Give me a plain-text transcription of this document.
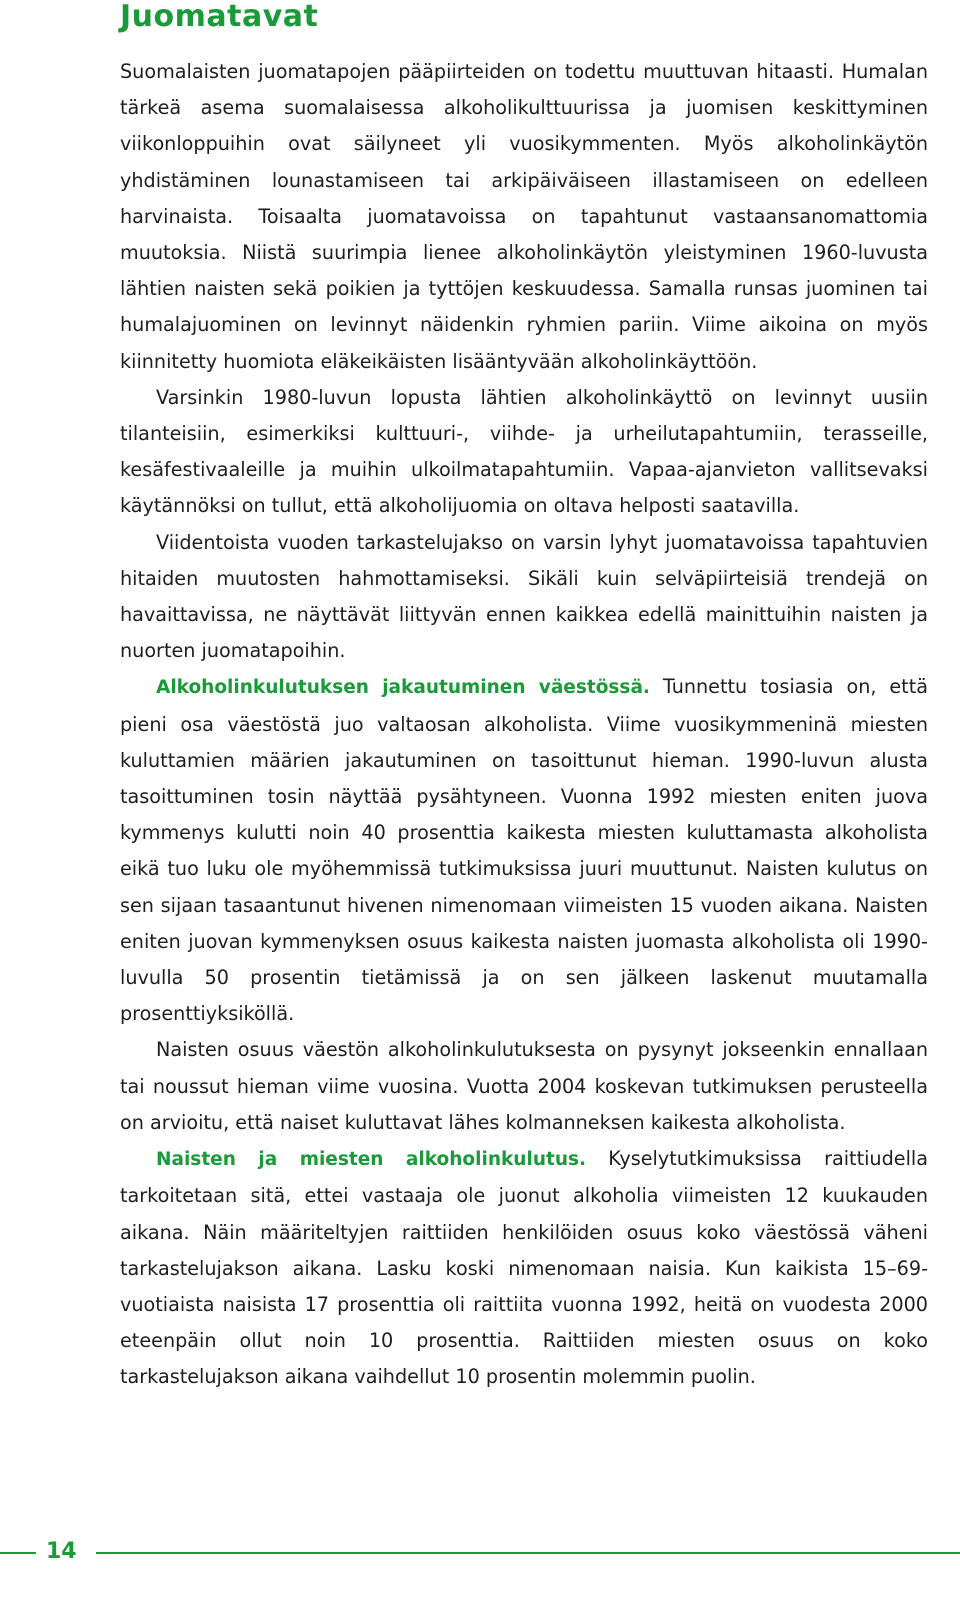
Juomatavat

Suomalaisten juomatapojen pääpiirteiden on todettu muuttuvan hitaasti. Humalan tärkeä asema suomalaisessa alkoholikulttuurissa ja juomisen keskittyminen viikonloppuihin ovat säilyneet yli vuosikymmenten. Myös alkoholinkäytön yhdistäminen lounastamiseen tai arkipäiväiseen illastamiseen on edelleen harvinaista. Toisaalta juomatavoissa on tapahtunut vastaansanomattomia muutoksia. Niistä suurimpia lienee alkoholinkäytön yleistyminen 1960-luvusta lähtien naisten sekä poikien ja tyttöjen keskuudessa. Samalla runsas juominen tai humalajuominen on levinnyt näidenkin ryhmien pariin. Viime aikoina on myös kiinnitetty huomiota eläkeikäisten lisääntyvään alkoholinkäyttöön.

Varsinkin 1980-luvun lopusta lähtien alkoholinkäyttö on levinnyt uusiin tilanteisiin, esimerkiksi kulttuuri-, viihde- ja urheilutapahtumiin, terasseille, kesäfestivaaleille ja muihin ulkoilmatapahtumiin. Vapaa-ajanvieton vallitsevaksi käytännöksi on tullut, että alkoholijuomia on oltava helposti saatavilla.

Viidentoista vuoden tarkastelujakso on varsin lyhyt juomatavoissa tapahtuvien hitaiden muutosten hahmottamiseksi. Sikäli kuin selväpiirteisiä trendejä on havaittavissa, ne näyttävät liittyvän ennen kaikkea edellä mainittuihin naisten ja nuorten juomatapoihin.

Alkoholinkulutuksen jakautuminen väestössä. Tunnettu tosiasia on, että pieni osa väestöstä juo valtaosan alkoholista. Viime vuosikymmeninä miesten kuluttamien määrien jakautuminen on tasoittunut hieman. 1990-luvun alusta tasoittuminen tosin näyttää pysähtyneen. Vuonna 1992 miesten eniten juova kymmenys kulutti noin 40 prosenttia kaikesta miesten kuluttamasta alkoholista eikä tuo luku ole myöhemmissä tutkimuksissa juuri muuttunut. Naisten kulutus on sen sijaan tasaantunut hivenen nimenomaan viimeisten 15 vuoden aikana. Naisten eniten juovan kymmenyksen osuus kaikesta naisten juomasta alkoholista oli 1990-luvulla 50 prosentin tietämissä ja on sen jälkeen laskenut muutamalla prosenttiyksiköllä.

Naisten osuus väestön alkoholinkulutuksesta on pysynyt jokseenkin ennallaan tai noussut hieman viime vuosina. Vuotta 2004 koskevan tutkimuksen perusteella on arvioitu, että naiset kuluttavat lähes kolmanneksen kaikesta alkoholista.

Naisten ja miesten alkoholinkulutus. Kyselytutkimuksissa raittiudella tarkoitetaan sitä, ettei vastaaja ole juonut alkoholia viimeisten 12 kuukauden aikana. Näin määriteltyjen raittiiden henkilöiden osuus koko väestössä väheni tarkastelujakson aikana. Lasku koski nimenomaan naisia. Kun kaikista 15–69-vuotiaista naisista 17 prosenttia oli raittiita vuonna 1992, heitä on vuodesta 2000 eteenpäin ollut noin 10 prosenttia. Raittiiden miesten osuus on koko tarkastelujakson aikana vaihdellut 10 prosentin molemmin puolin.

14
